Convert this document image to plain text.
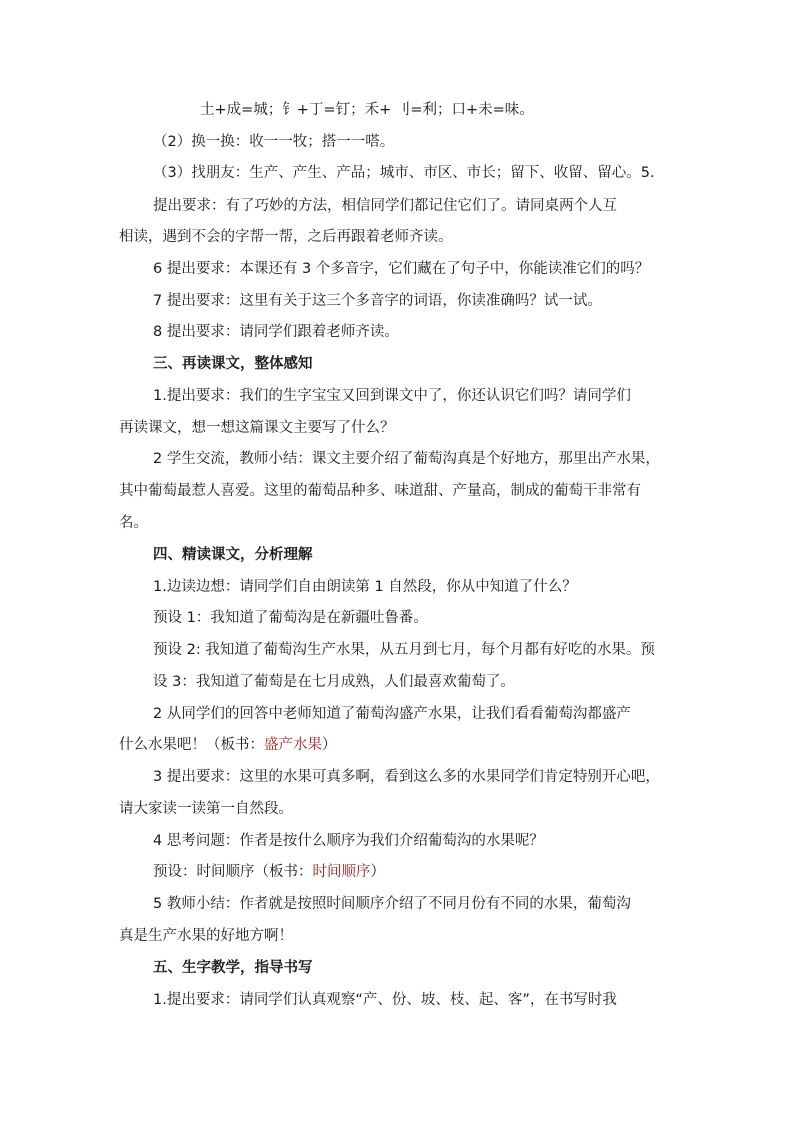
土+成=城；钅+丁=钉；禾+ 刂=利；口+未=味。
（2）换一换：收一一牧；搭一一嗒。
（3）找朋友：生产、产生、产品；城市、市区、市长；留下、收留、留心。5.
提出要求：有了巧妙的方法，相信同学们都记住它们了。请同桌两个人互
相读，遇到不会的字帮一帮，之后再跟着老师齐读。
6 提出要求：本课还有 3 个多音字，它们藏在了句子中，你能读准它们的吗？
7 提出要求：这里有关于这三个多音字的词语，你读准确吗？试一试。
8 提出要求：请同学们跟着老师齐读。
三、再读课文，整体感知
1.提出要求：我们的生字宝宝又回到课文中了，你还认识它们吗？请同学们
再读课文，想一想这篇课文主要写了什么？
2 学生交流，教师小结：课文主要介绍了葡萄沟真是个好地方，那里出产水果，
其中葡萄最惹人喜爱。这里的葡萄品种多、味道甜、产量高，制成的葡萄干非常有
名。
四、精读课文，分析理解
1.边读边想：请同学们自由朗读第 1 自然段，你从中知道了什么？
预设 1：我知道了葡萄沟是在新疆吐鲁番。
预设 2: 我知道了葡萄沟生产水果，从五月到七月，每个月都有好吃的水果。预
设 3：我知道了葡萄是在七月成熟，人们最喜欢葡萄了。
2 从同学们的回答中老师知道了葡萄沟盛产水果，让我们看看葡萄沟都盛产
什么水果吧！（板书：盛产水果）
3 提出要求：这里的水果可真多啊，看到这么多的水果同学们肯定特别开心吧，
请大家读一读第一自然段。
4 思考问题：作者是按什么顺序为我们介绍葡萄沟的水果呢？
预设：时间顺序（板书：时间顺序）
5 教师小结：作者就是按照时间顺序介绍了不同月份有不同的水果，葡萄沟
真是生产水果的好地方啊！
五、生字教学，指导书写
1.提出要求：请同学们认真观察“产、份、坡、枝、起、客”，在书写时我
